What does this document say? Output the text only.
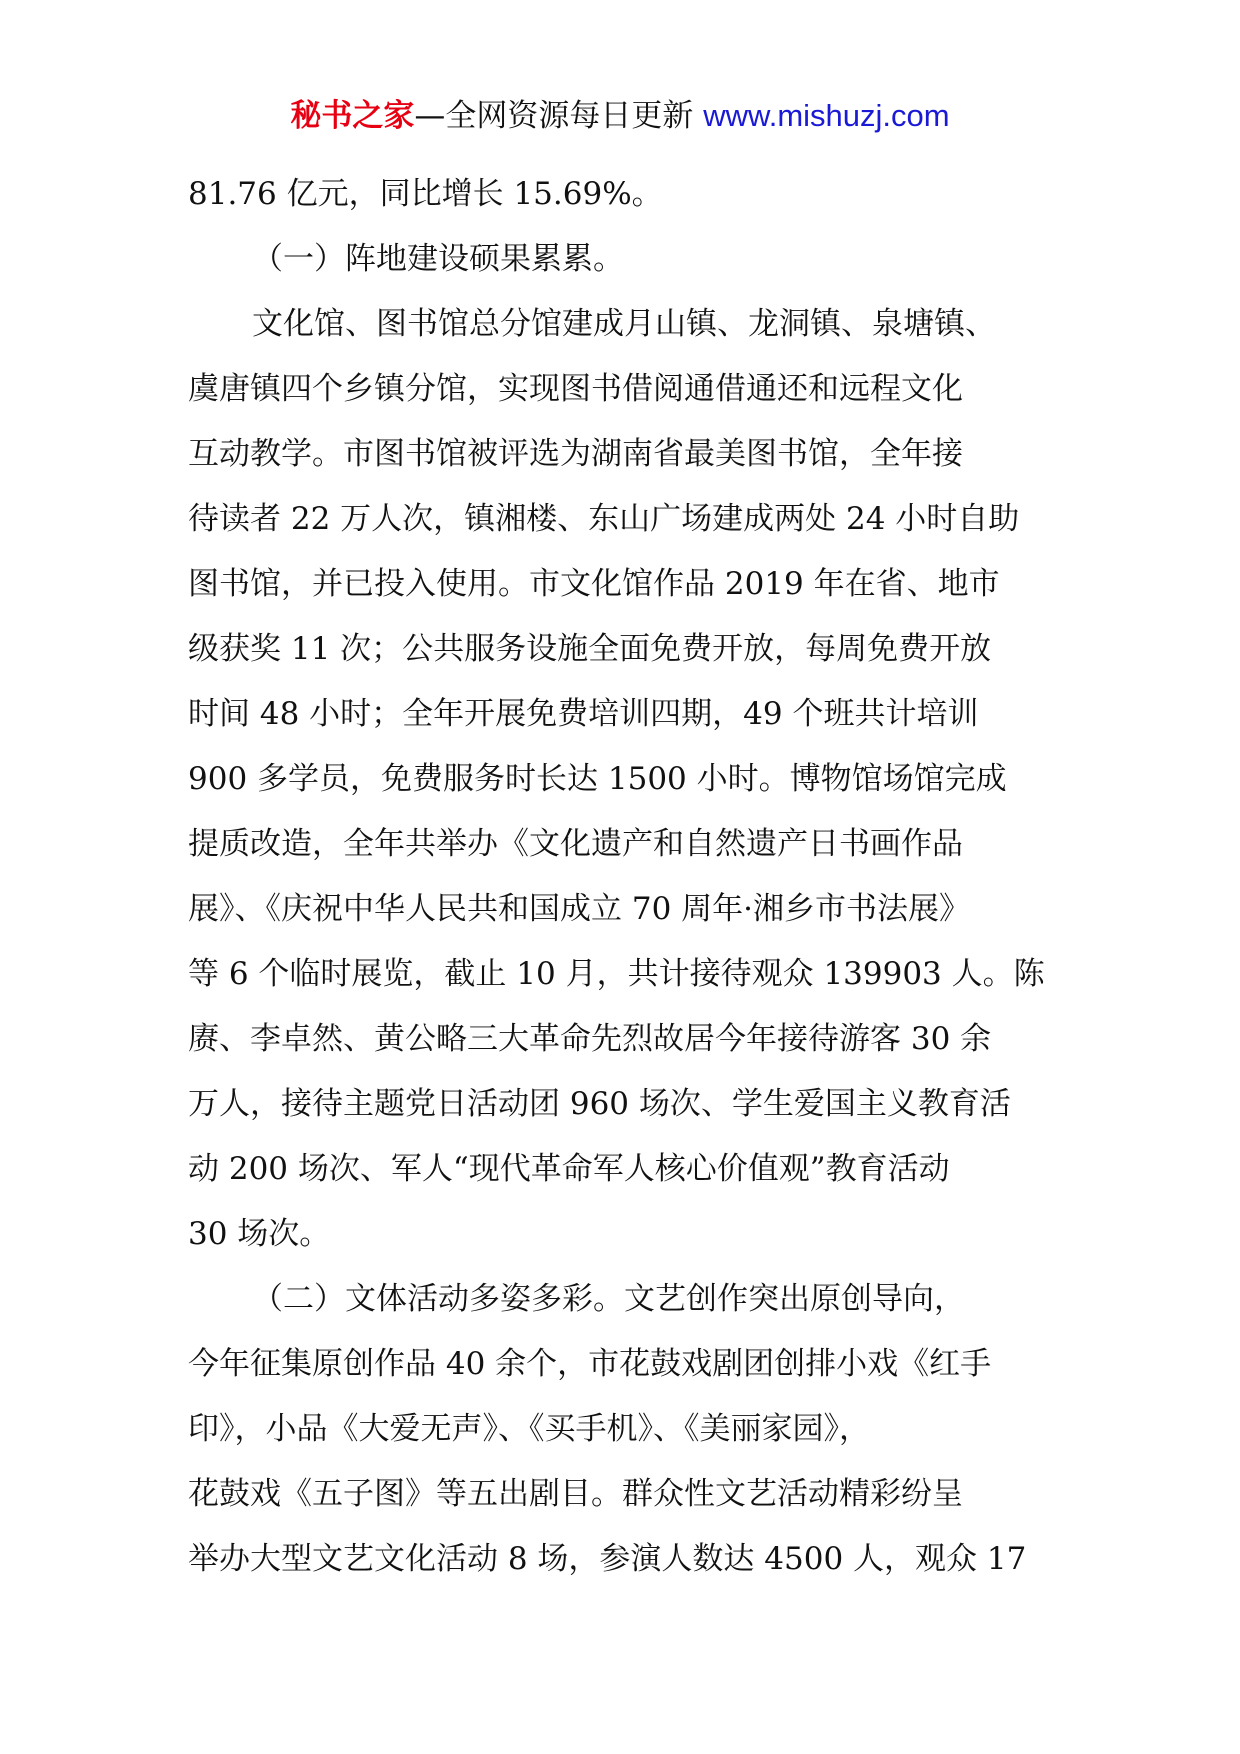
秘书之家—全网资源每日更新 www.mishuzj.com
81.76 亿元，同比增长 15.69%。
（一）阵地建设硕果累累。
文化馆、图书馆总分馆建成月山镇、龙洞镇、泉塘镇、
虞唐镇四个乡镇分馆，实现图书借阅通借通还和远程文化
互动教学。市图书馆被评选为湖南省最美图书馆，全年接
待读者 22 万人次，镇湘楼、东山广场建成两处 24 小时自助
图书馆，并已投入使用。市文化馆作品 2019 年在省、地市
级获奖 11 次；公共服务设施全面免费开放，每周免费开放
时间 48 小时；全年开展免费培训四期，49 个班共计培训
900 多学员，免费服务时长达 1500 小时。博物馆场馆完成
提质改造，全年共举办《文化遗产和自然遗产日书画作品
展》、《庆祝中华人民共和国成立 70 周年·湘乡市书法展》
等 6 个临时展览，截止 10 月，共计接待观众 139903 人。陈
赓、李卓然、黄公略三大革命先烈故居今年接待游客 30 余
万人，接待主题党日活动团 960 场次、学生爱国主义教育活
动 200 场次、军人“现代革命军人核心价值观”教育活动
30 场次。
（二）文体活动多姿多彩。文艺创作突出原创导向，
今年征集原创作品 40 余个，市花鼓戏剧团创排小戏《红手
印》，小品《大爱无声》、《买手机》、《美丽家园》，
花鼓戏《五子图》等五出剧目。群众性文艺活动精彩纷呈
举办大型文艺文化活动 8 场，参演人数达 4500 人，观众 17
